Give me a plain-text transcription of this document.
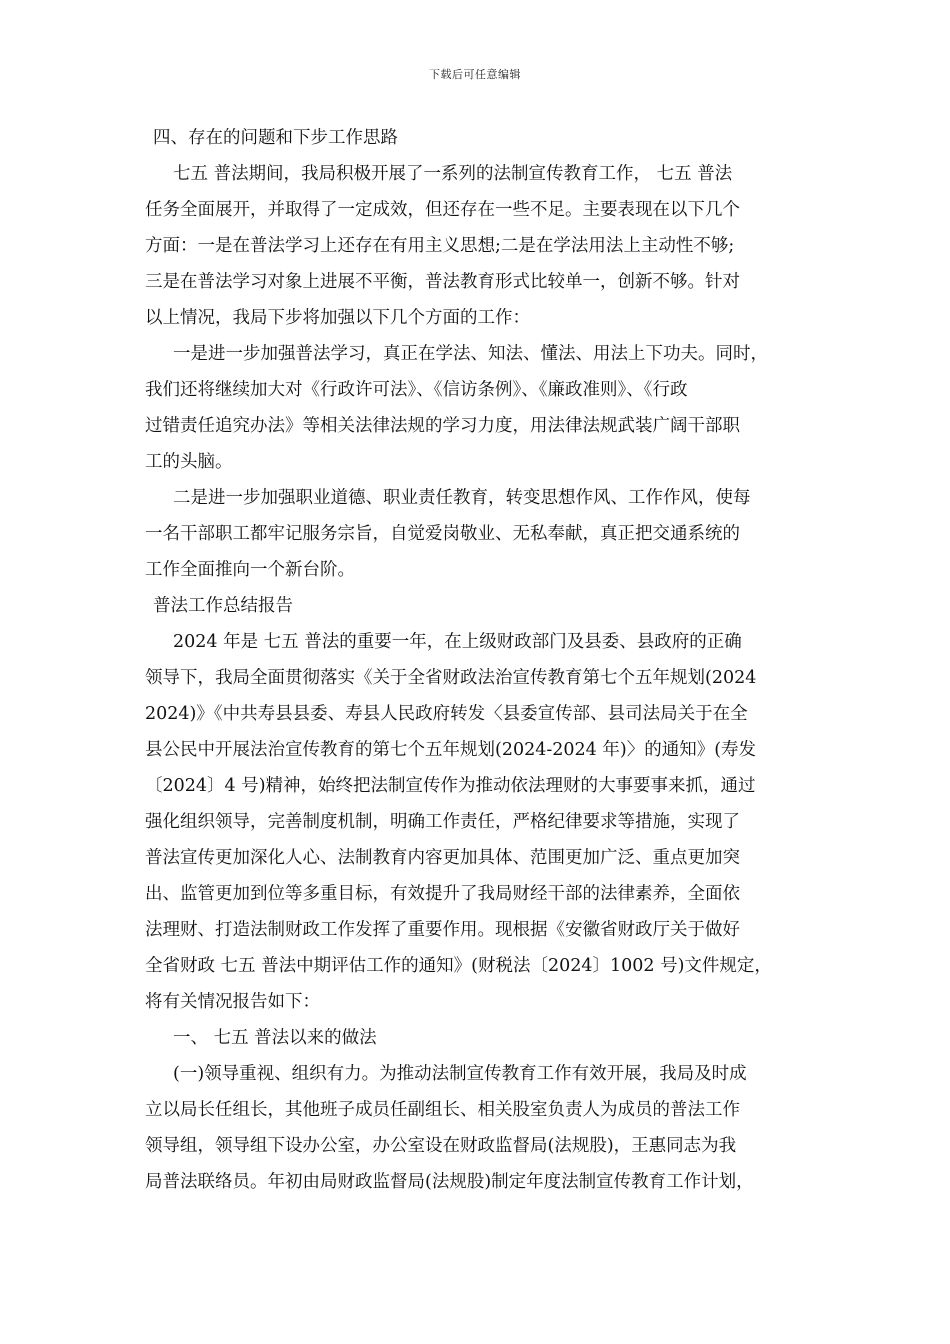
下载后可任意编辑
四、存在的问题和下步工作思路
七五 普法期间，我局积极开展了一系列的法制宣传教育工作， 七五 普法
任务全面展开，并取得了一定成效，但还存在一些不足。主要表现在以下几个
方面：一是在普法学习上还存在有用主义思想;二是在学法用法上主动性不够;
三是在普法学习对象上进展不平衡，普法教育形式比较单一，创新不够。针对
以上情况，我局下步将加强以下几个方面的工作：
一是进一步加强普法学习，真正在学法、知法、懂法、用法上下功夫。同时，
我们还将继续加大对《行政许可法》、《信访条例》、《廉政准则》、《行政
过错责任追究办法》等相关法律法规的学习力度，用法律法规武装广阔干部职
工的头脑。
二是进一步加强职业道德、职业责任教育，转变思想作风、工作作风，使每
一名干部职工都牢记服务宗旨，自觉爱岗敬业、无私奉献，真正把交通系统的
工作全面推向一个新台阶。
普法工作总结报告
2024 年是 七五 普法的重要一年，在上级财政部门及县委、县政府的正确
领导下，我局全面贯彻落实《关于全省财政法治宣传教育第七个五年规划(2024
2024)》《中共寿县县委、寿县人民政府转发〈县委宣传部、县司法局关于在全
县公民中开展法治宣传教育的第七个五年规划(2024-2024 年)〉的通知》(寿发
〔2024〕4 号)精神，始终把法制宣传作为推动依法理财的大事要事来抓，通过
强化组织领导，完善制度机制，明确工作责任，严格纪律要求等措施，实现了
普法宣传更加深化人心、法制教育内容更加具体、范围更加广泛、重点更加突
出、监管更加到位等多重目标，有效提升了我局财经干部的法律素养，全面依
法理财、打造法制财政工作发挥了重要作用。现根据《安徽省财政厅关于做好
全省财政 七五 普法中期评估工作的通知》(财税法〔2024〕1002 号)文件规定，
将有关情况报告如下：
一、 七五 普法以来的做法
(一)领导重视、组织有力。为推动法制宣传教育工作有效开展，我局及时成
立以局长任组长，其他班子成员任副组长、相关股室负责人为成员的普法工作
领导组，领导组下设办公室，办公室设在财政监督局(法规股)，王惠同志为我
局普法联络员。年初由局财政监督局(法规股)制定年度法制宣传教育工作计划，
